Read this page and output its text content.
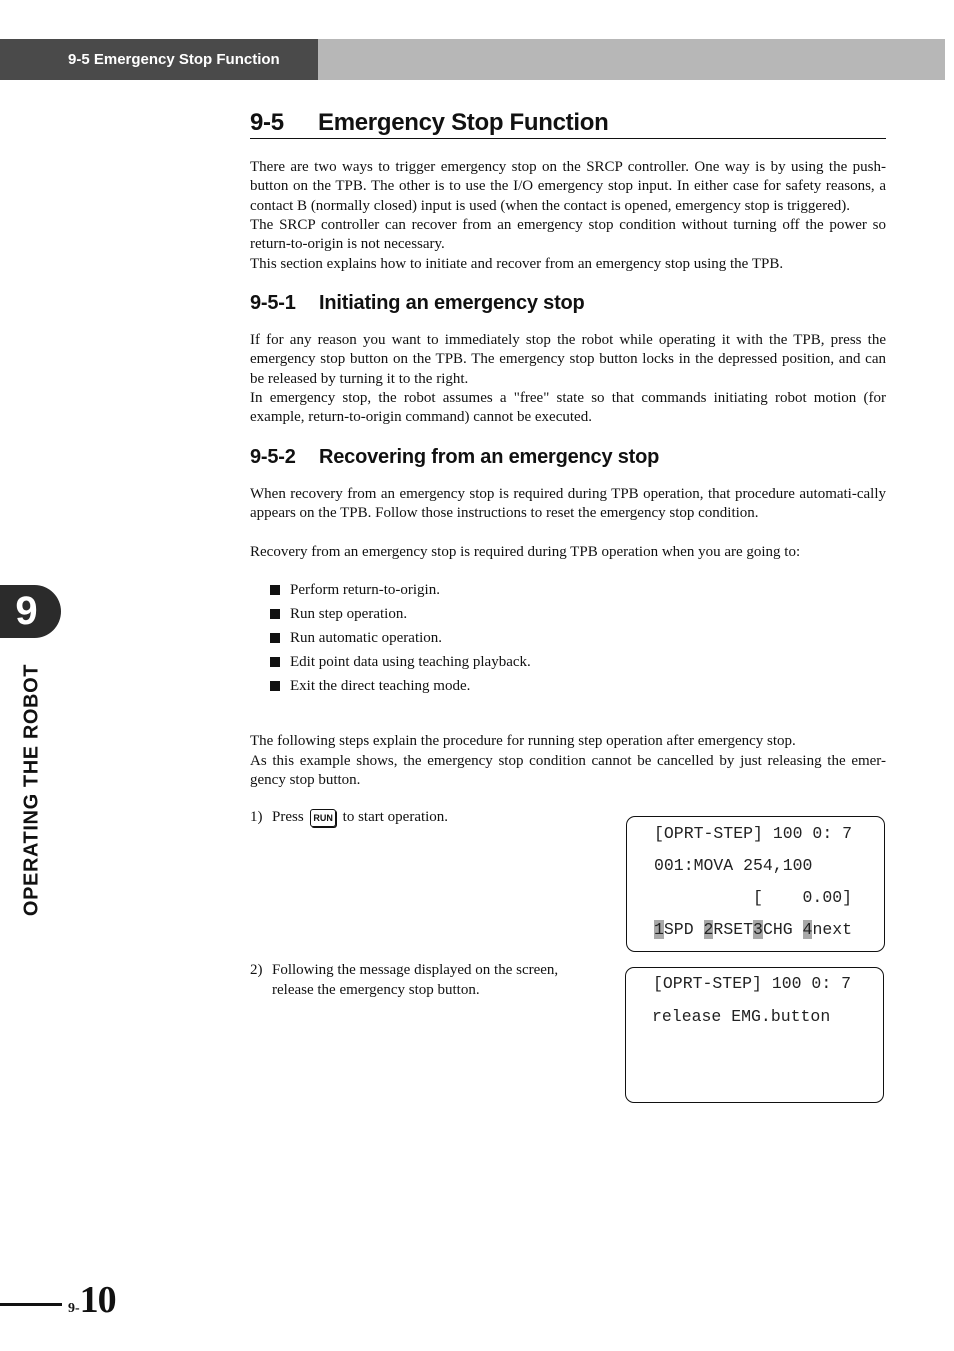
9-5 Emergency Stop Function
9
OPERATING THE ROBOT
9-5 Emergency Stop Function

There are two ways to trigger emergency stop on the SRCP controller. One way is by using the push-button on the TPB. The other is to use the I/O emergency stop input. In either case for safety reasons, a contact B (normally closed) input is used (when the contact is opened, emergency stop is triggered).

The SRCP controller can recover from an emergency stop condition without turning off the power so return-to-origin is not necessary.

This section explains how to initiate and recover from an emergency stop using the TPB.

9-5-1 Initiating an emergency stop

If for any reason you want to immediately stop the robot while operating it with the TPB, press the emergency stop button on the TPB. The emergency stop button locks in the depressed position, and can be released by turning it to the right.

In emergency stop, the robot assumes a "free" state so that commands initiating robot motion (for example, return-to-origin command) cannot be executed.

9-5-2 Recovering from an emergency stop

When recovery from an emergency stop is required during TPB operation, that procedure automati-cally appears on the TPB. Follow those instructions to reset the emergency stop condition.

Recovery from an emergency stop is required during TPB operation when you are going to:

Perform return-to-origin.
Run step operation.
Run automatic operation.
Edit point data using teaching playback.
Exit the direct teaching mode.

The following steps explain the procedure for running step operation after emergency stop.

As this example shows, the emergency stop condition cannot be cancelled by just releasing the emer-gency stop button.

1) Press RUN to start operation.
2) Following the message displayed on the screen,
release the emergency stop button.
[OPRT-STEP] 100 0: 7
001:MOVA 254,100
[    0.00]
1SPD 2RSET3CHG 4next
[OPRT-STEP] 100 0: 7
release EMG.button
9-10
